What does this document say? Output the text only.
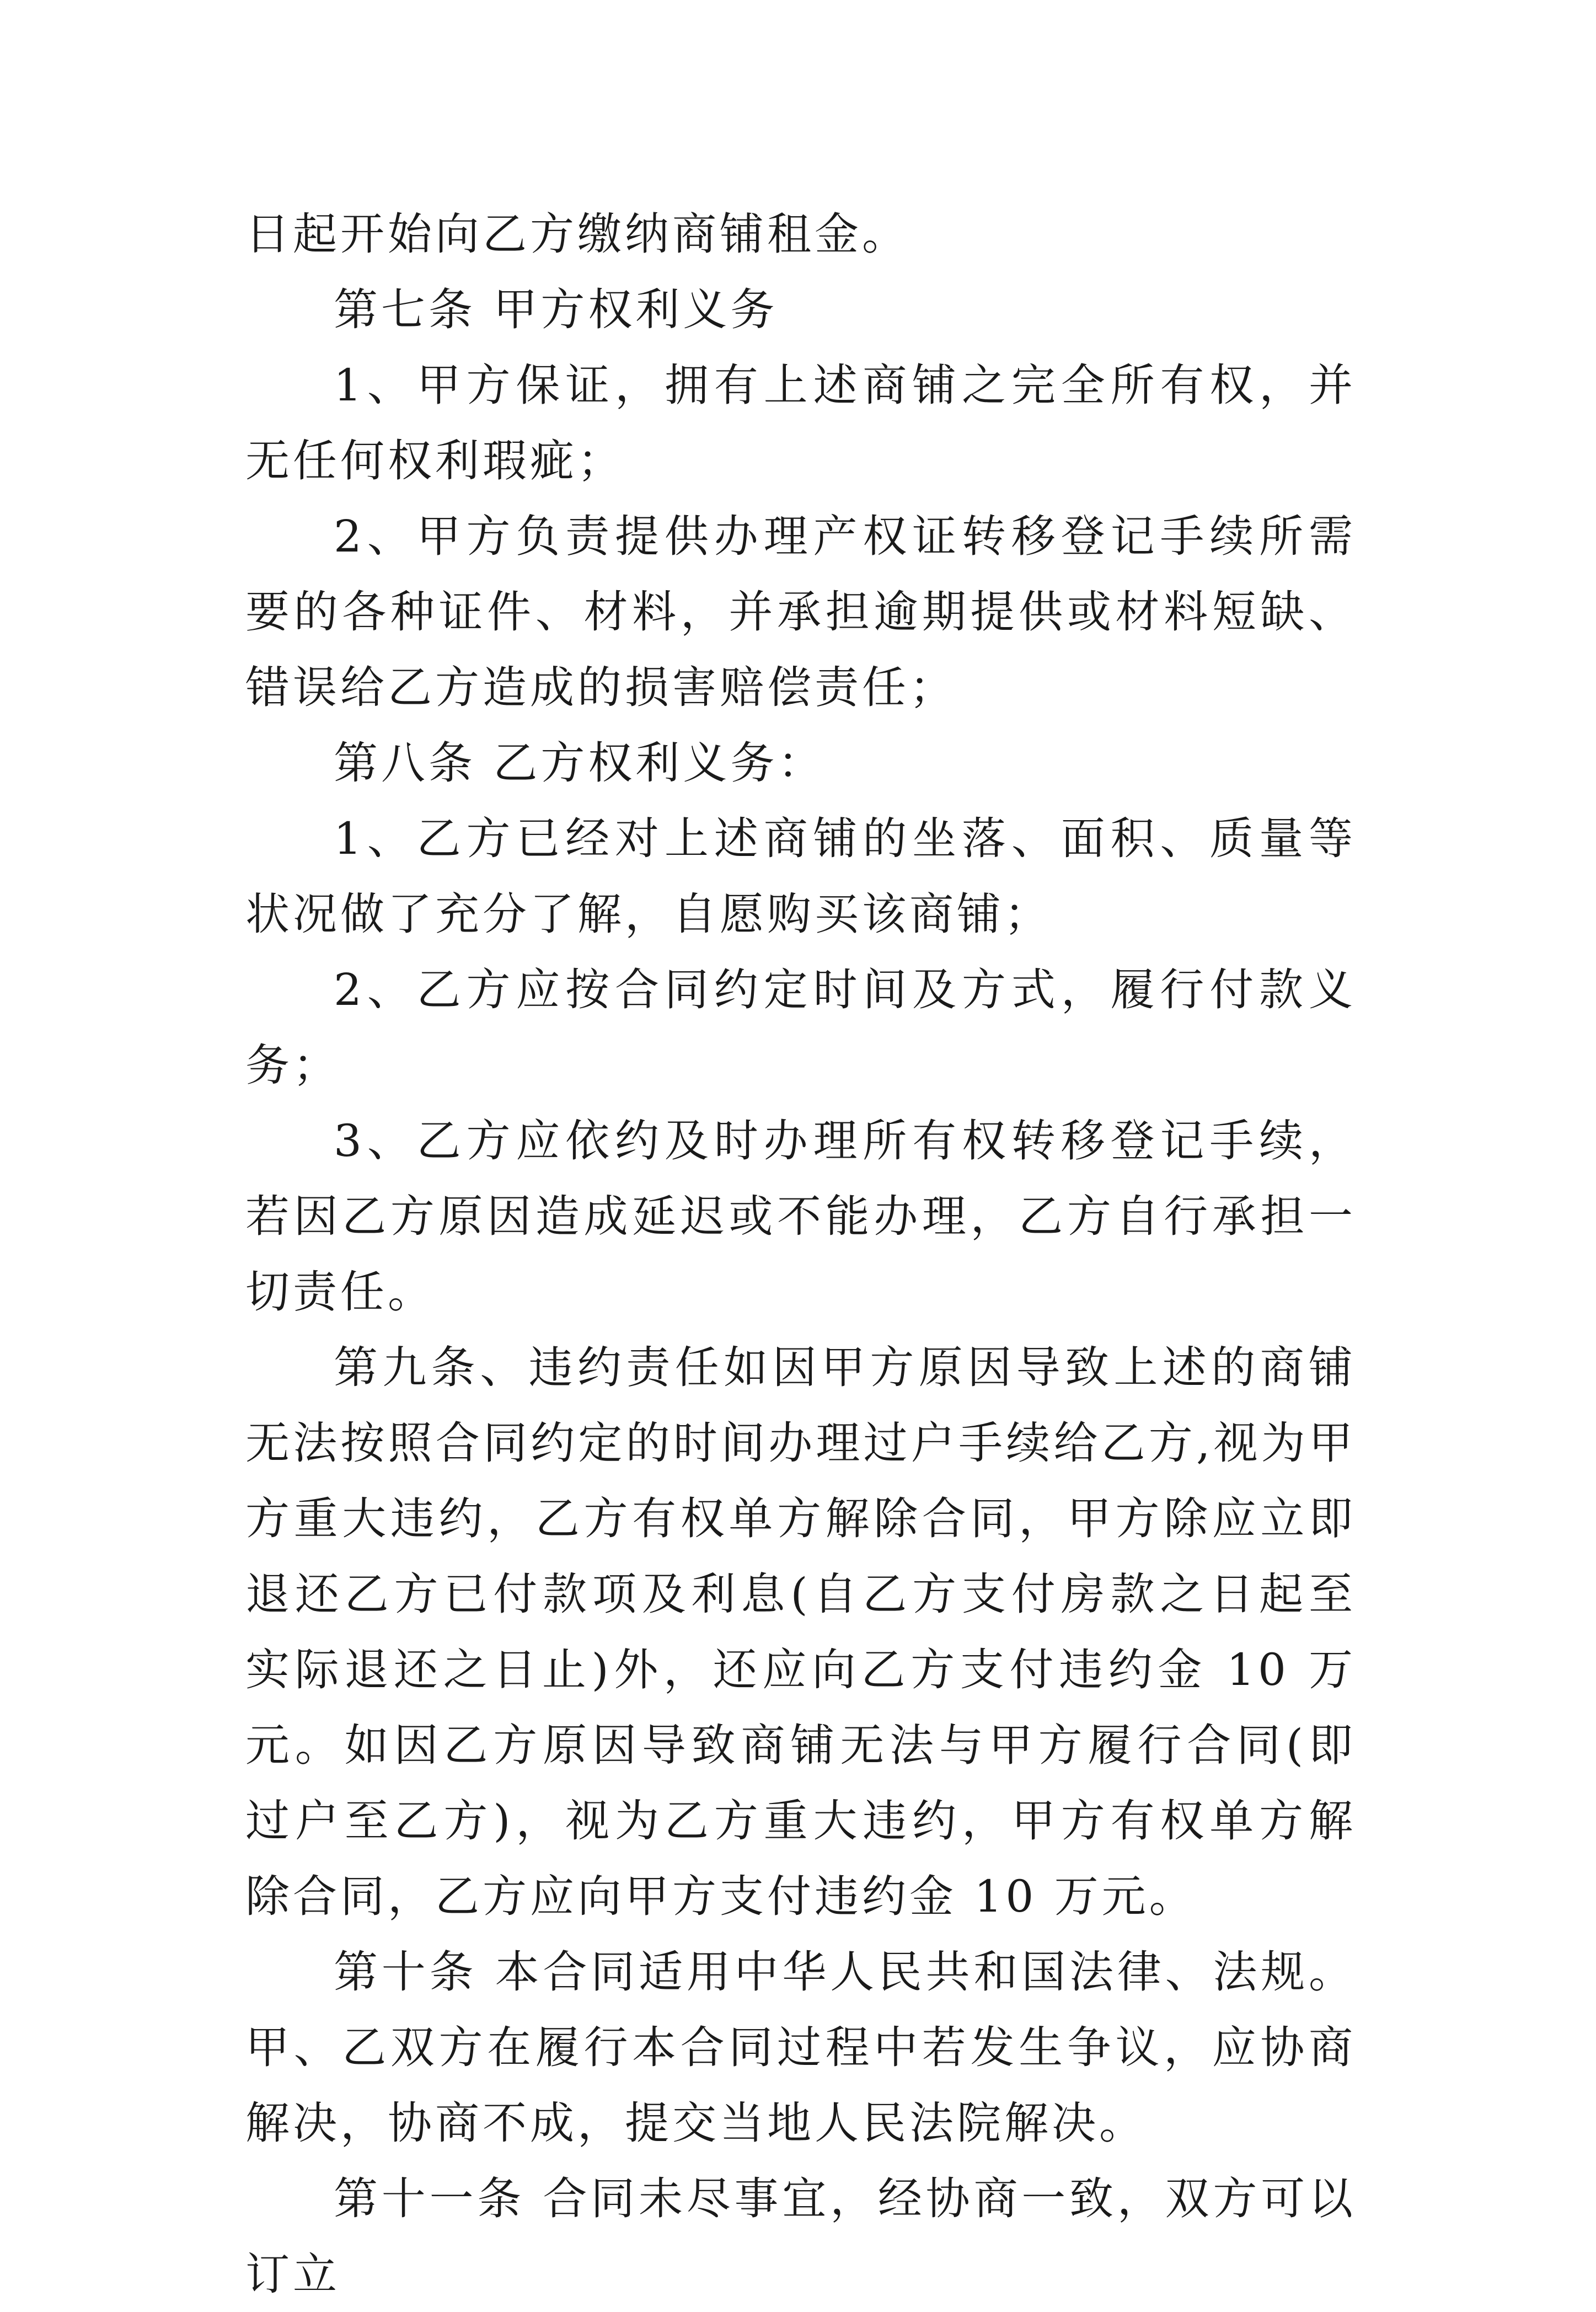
日起开始向乙方缴纳商铺租金。

第七条 甲方权利义务

1、甲方保证，拥有上述商铺之完全所有权，并无任何权利瑕疵；

2、甲方负责提供办理产权证转移登记手续所需要的各种证件、材料，并承担逾期提供或材料短缺、错误给乙方造成的损害赔偿责任；

第八条 乙方权利义务：

1、乙方已经对上述商铺的坐落、面积、质量等状况做了充分了解，自愿购买该商铺；

2、乙方应按合同约定时间及方式，履行付款义务；

3、乙方应依约及时办理所有权转移登记手续，若因乙方原因造成延迟或不能办理，乙方自行承担一切责任。

第九条、违约责任如因甲方原因导致上述的商铺无法按照合同约定的时间办理过户手续给乙方,视为甲方重大违约，乙方有权单方解除合同，甲方除应立即退还乙方已付款项及利息(自乙方支付房款之日起至实际退还之日止)外，还应向乙方支付违约金 10 万元。如因乙方原因导致商铺无法与甲方履行合同(即过户至乙方)，视为乙方重大违约，甲方有权单方解除合同，乙方应向甲方支付违约金 10 万元。

第十条 本合同适用中华人民共和国法律、法规。甲、乙双方在履行本合同过程中若发生争议，应协商解决，协商不成，提交当地人民法院解决。

第十一条 合同未尽事宜，经协商一致，双方可以订立
